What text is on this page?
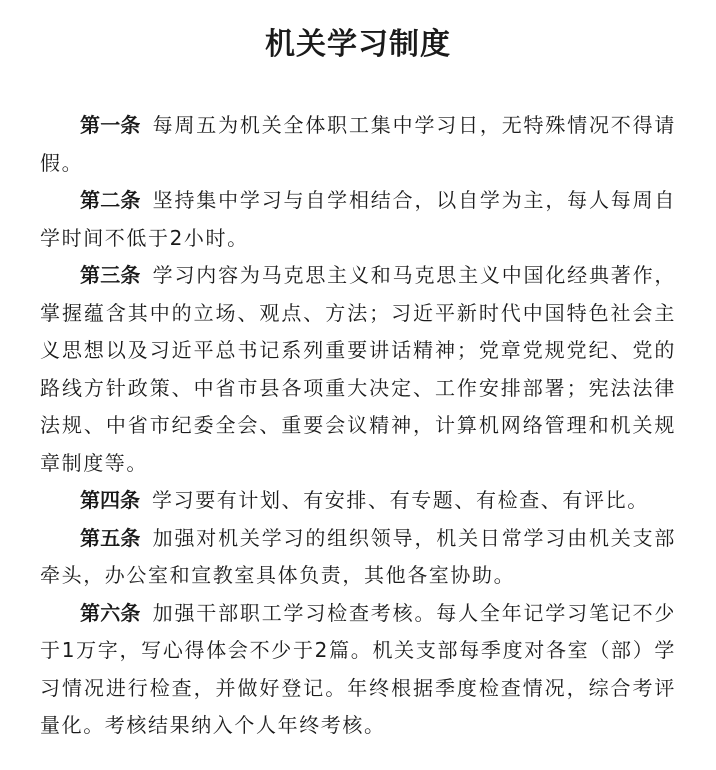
机关学习制度

第一条 每周五为机关全体职工集中学习日，无特殊情况不得请假。

第二条 坚持集中学习与自学相结合，以自学为主，每人每周自学时间不低于2小时。

第三条 学习内容为马克思主义和马克思主义中国化经典著作，掌握蕴含其中的立场、观点、方法；习近平新时代中国特色社会主义思想以及习近平总书记系列重要讲话精神；党章党规党纪、党的路线方针政策、中省市县各项重大决定、工作安排部署；宪法法律法规、中省市纪委全会、重要会议精神，计算机网络管理和机关规章制度等。

第四条 学习要有计划、有安排、有专题、有检查、有评比。

第五条 加强对机关学习的组织领导，机关日常学习由机关支部牵头，办公室和宣教室具体负责，其他各室协助。

第六条 加强干部职工学习检查考核。每人全年记学习笔记不少于1万字，写心得体会不少于2篇。机关支部每季度对各室（部）学习情况进行检查，并做好登记。年终根据季度检查情况，综合考评量化。考核结果纳入个人年终考核。
